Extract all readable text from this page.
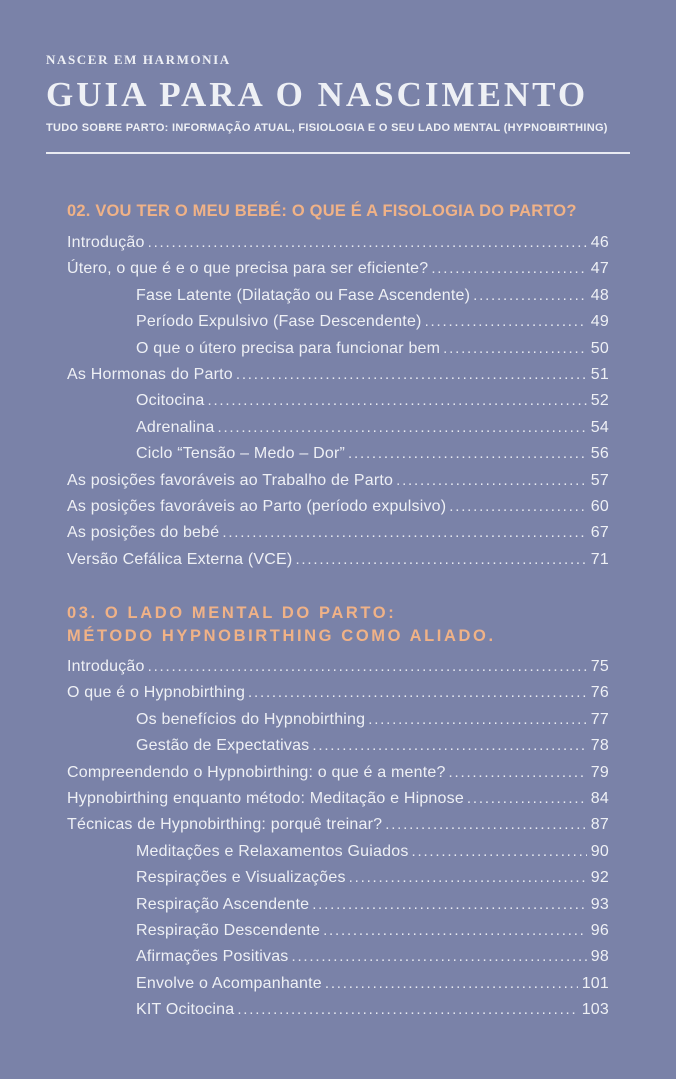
NASCER EM HARMONIA
GUIA PARA O NASCIMENTO
TUDO SOBRE PARTO: INFORMAÇÃO ATUAL, FISIOLOGIA E O SEU LADO MENTAL (HYPNOBIRTHING)
02. VOU TER O MEU BEBÉ: O QUE É A FISOLOGIA DO PARTO?
Introdução .....	46
Útero, o que é e o que precisa para ser eficiente? .....	47
Fase Latente (Dilatação ou Fase Ascendente) .....	48
Período Expulsivo (Fase Descendente) .....	49
O que o útero precisa para funcionar bem .....	50
As Hormonas do Parto .....	51
Ocitocina .....	52
Adrenalina .....	54
Ciclo “Tensão – Medo – Dor” .....	56
As posições favoráveis ao Trabalho de Parto .....	57
As posições favoráveis ao Parto (período expulsivo) .....	60
As posições do bebé .....	67
Versão Cefálica Externa (VCE) .....	71
03. O LADO MENTAL DO PARTO:
MÉTODO HYPNOBIRTHING COMO ALIADO.
Introdução .....	75
O que é o Hypnobirthing .....	76
Os benefícios do Hypnobirthing .....	77
Gestão de Expectativas .....	78
Compreendendo o Hypnobirthing: o que é a mente? .....	79
Hypnobirthing enquanto método: Meditação e Hipnose .....	84
Técnicas de Hypnobirthing: porquê treinar? .....	87
Meditações e Relaxamentos Guiados .....	90
Respirações e Visualizações .....	92
Respiração Ascendente .....	93
Respiração Descendente .....	96
Afirmações Positivas .....	98
Envolve o Acompanhante .....	101
KIT Ocitocina .....	103
